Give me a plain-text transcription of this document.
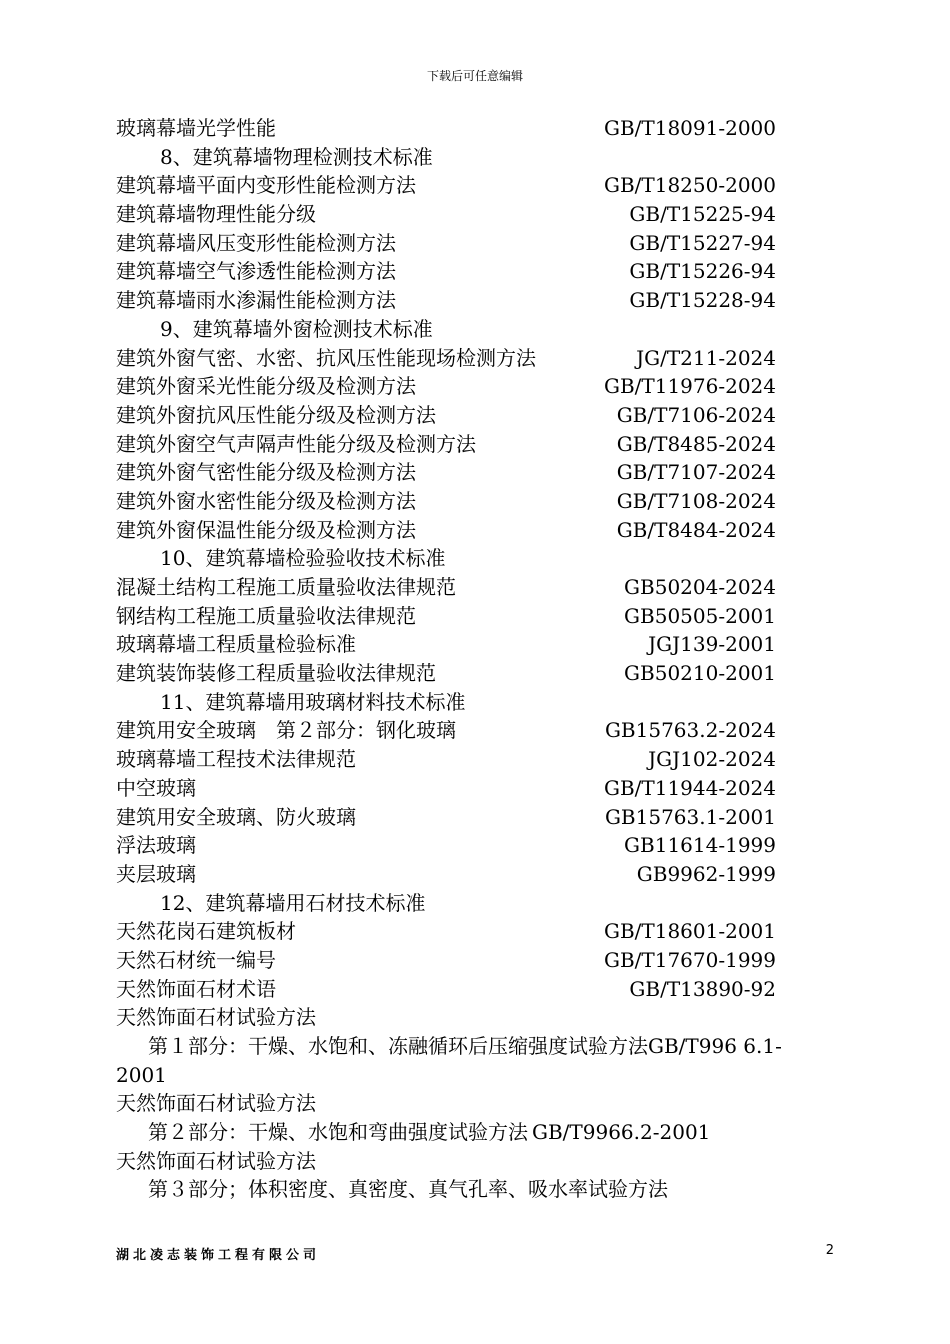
下载后可任意编辑
玻璃幕墙光学性能	GB/T18091-2000
8、建筑幕墙物理检测技术标准
建筑幕墙平面内变形性能检测方法	GB/T18250-2000
建筑幕墙物理性能分级	GB/T15225-94
建筑幕墙风压变形性能检测方法	GB/T15227-94
建筑幕墙空气渗透性能检测方法	GB/T15226-94
建筑幕墙雨水渗漏性能检测方法	GB/T15228-94
9、建筑幕墙外窗检测技术标准
建筑外窗气密、水密、抗风压性能现场检测方法	JG/T211-2024
建筑外窗采光性能分级及检测方法	GB/T11976-2024
建筑外窗抗风压性能分级及检测方法	GB/T7106-2024
建筑外窗空气声隔声性能分级及检测方法	GB/T8485-2024
建筑外窗气密性能分级及检测方法	GB/T7107-2024
建筑外窗水密性能分级及检测方法	GB/T7108-2024
建筑外窗保温性能分级及检测方法	GB/T8484-2024
10、建筑幕墙检验验收技术标准
混凝土结构工程施工质量验收法律规范	GB50204-2024
钢结构工程施工质量验收法律规范	GB50505-2001
玻璃幕墙工程质量检验标准	JGJ139-2001
建筑装饰装修工程质量验收法律规范	GB50210-2001
11、建筑幕墙用玻璃材料技术标准
建筑用安全玻璃　第２部分：钢化玻璃	GB15763.2-2024
玻璃幕墙工程技术法律规范	JGJ102-2024
中空玻璃	GB/T11944-2024
建筑用安全玻璃、防火玻璃	GB15763.1-2001
浮法玻璃	GB11614-1999
夹层玻璃	GB9962-1999
12、建筑幕墙用石材技术标准
天然花岗石建筑板材	GB/T18601-2001
天然石材统一编号	GB/T17670-1999
天然饰面石材术语	GB/T13890-92
天然饰面石材试验方法
第１部分：干燥、水饱和、冻融循环后压缩强度试验方法GB/T996 6.1-
2001
天然饰面石材试验方法
第２部分：干燥、水饱和弯曲强度试验方法 GB/T9966.2-2001
天然饰面石材试验方法
第３部分；体积密度、真密度、真气孔率、吸水率试验方法
湖北凌志装饰工程有限公司	2
